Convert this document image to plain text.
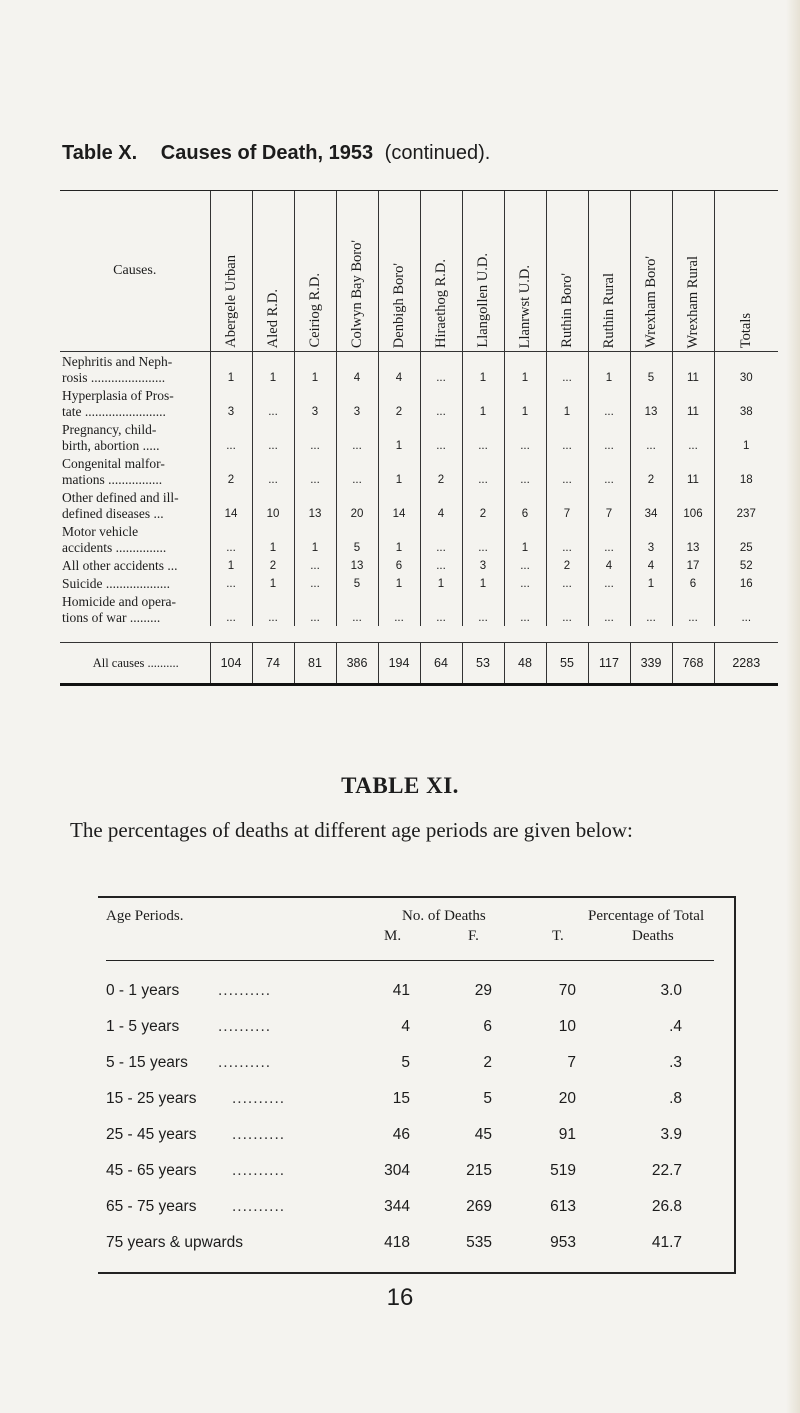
Table X. Causes of Death, 1953 (continued).
Causes.	Abergele Urban	Aled R.D.	Ceiriog R.D.	Colwyn Bay Boro'	Denbigh Boro'	Hiraethog R.D.	Llangollen U.D.	Llanrwst U.D.	Ruthin Boro'	Ruthin Rural	Wrexham Boro'	Wrexham Rural	Totals

Nephritis and Neph-
rosis ......................	1	1	1	4	4	...	1	1	...	1	5	11	30

Hyperplasia of Pros-
tate ........................	3	...	3	3	2	...	1	1	1	...	13	11	38

Pregnancy, child-
birth, abortion .....	...	...	...	...	1	...	...	...	...	...	...	...	1

Congenital malfor-
mations ................	2	...	...	...	1	2	...	...	...	...	2	11	18

Other defined and ill-
defined diseases ...	14	10	13	20	14	4	2	6	7	7	34	106	237

Motor vehicle
accidents ...............	...	1	1	5	1	...	...	1	...	...	3	13	25

All other accidents ...	1	2	...	13	6	...	3	...	2	4	4	17	52

Suicide ...................	...	1	...	5	1	1	1	...	...	...	1	6	16

Homicide and opera-
tions of war .........	...	...	...	...	...	...	...	...	...	...	...	...	...

All causes ..........	104	74	81	386	194	64	53	48	55	117	339	768	2283
TABLE XI.
The percentages of deaths at different age periods are given below:
Age Periods.	No. of Deaths
M.	F.	T.
Percentage of Total
Deaths
0 - 1 years	41	29	70	3.0
..........
1 - 5 years	4	6	10	.4
..........
5 - 15 years	5	2	7	.3
..........
15 - 25 years	15	5	20	.8
..........
25 - 45 years	46	45	91	3.9
..........
45 - 65 years	304	215	519	22.7
..........
65 - 75 years	344	269	613	26.8
..........
75 years & upwards	418	535	953	41.7
16
